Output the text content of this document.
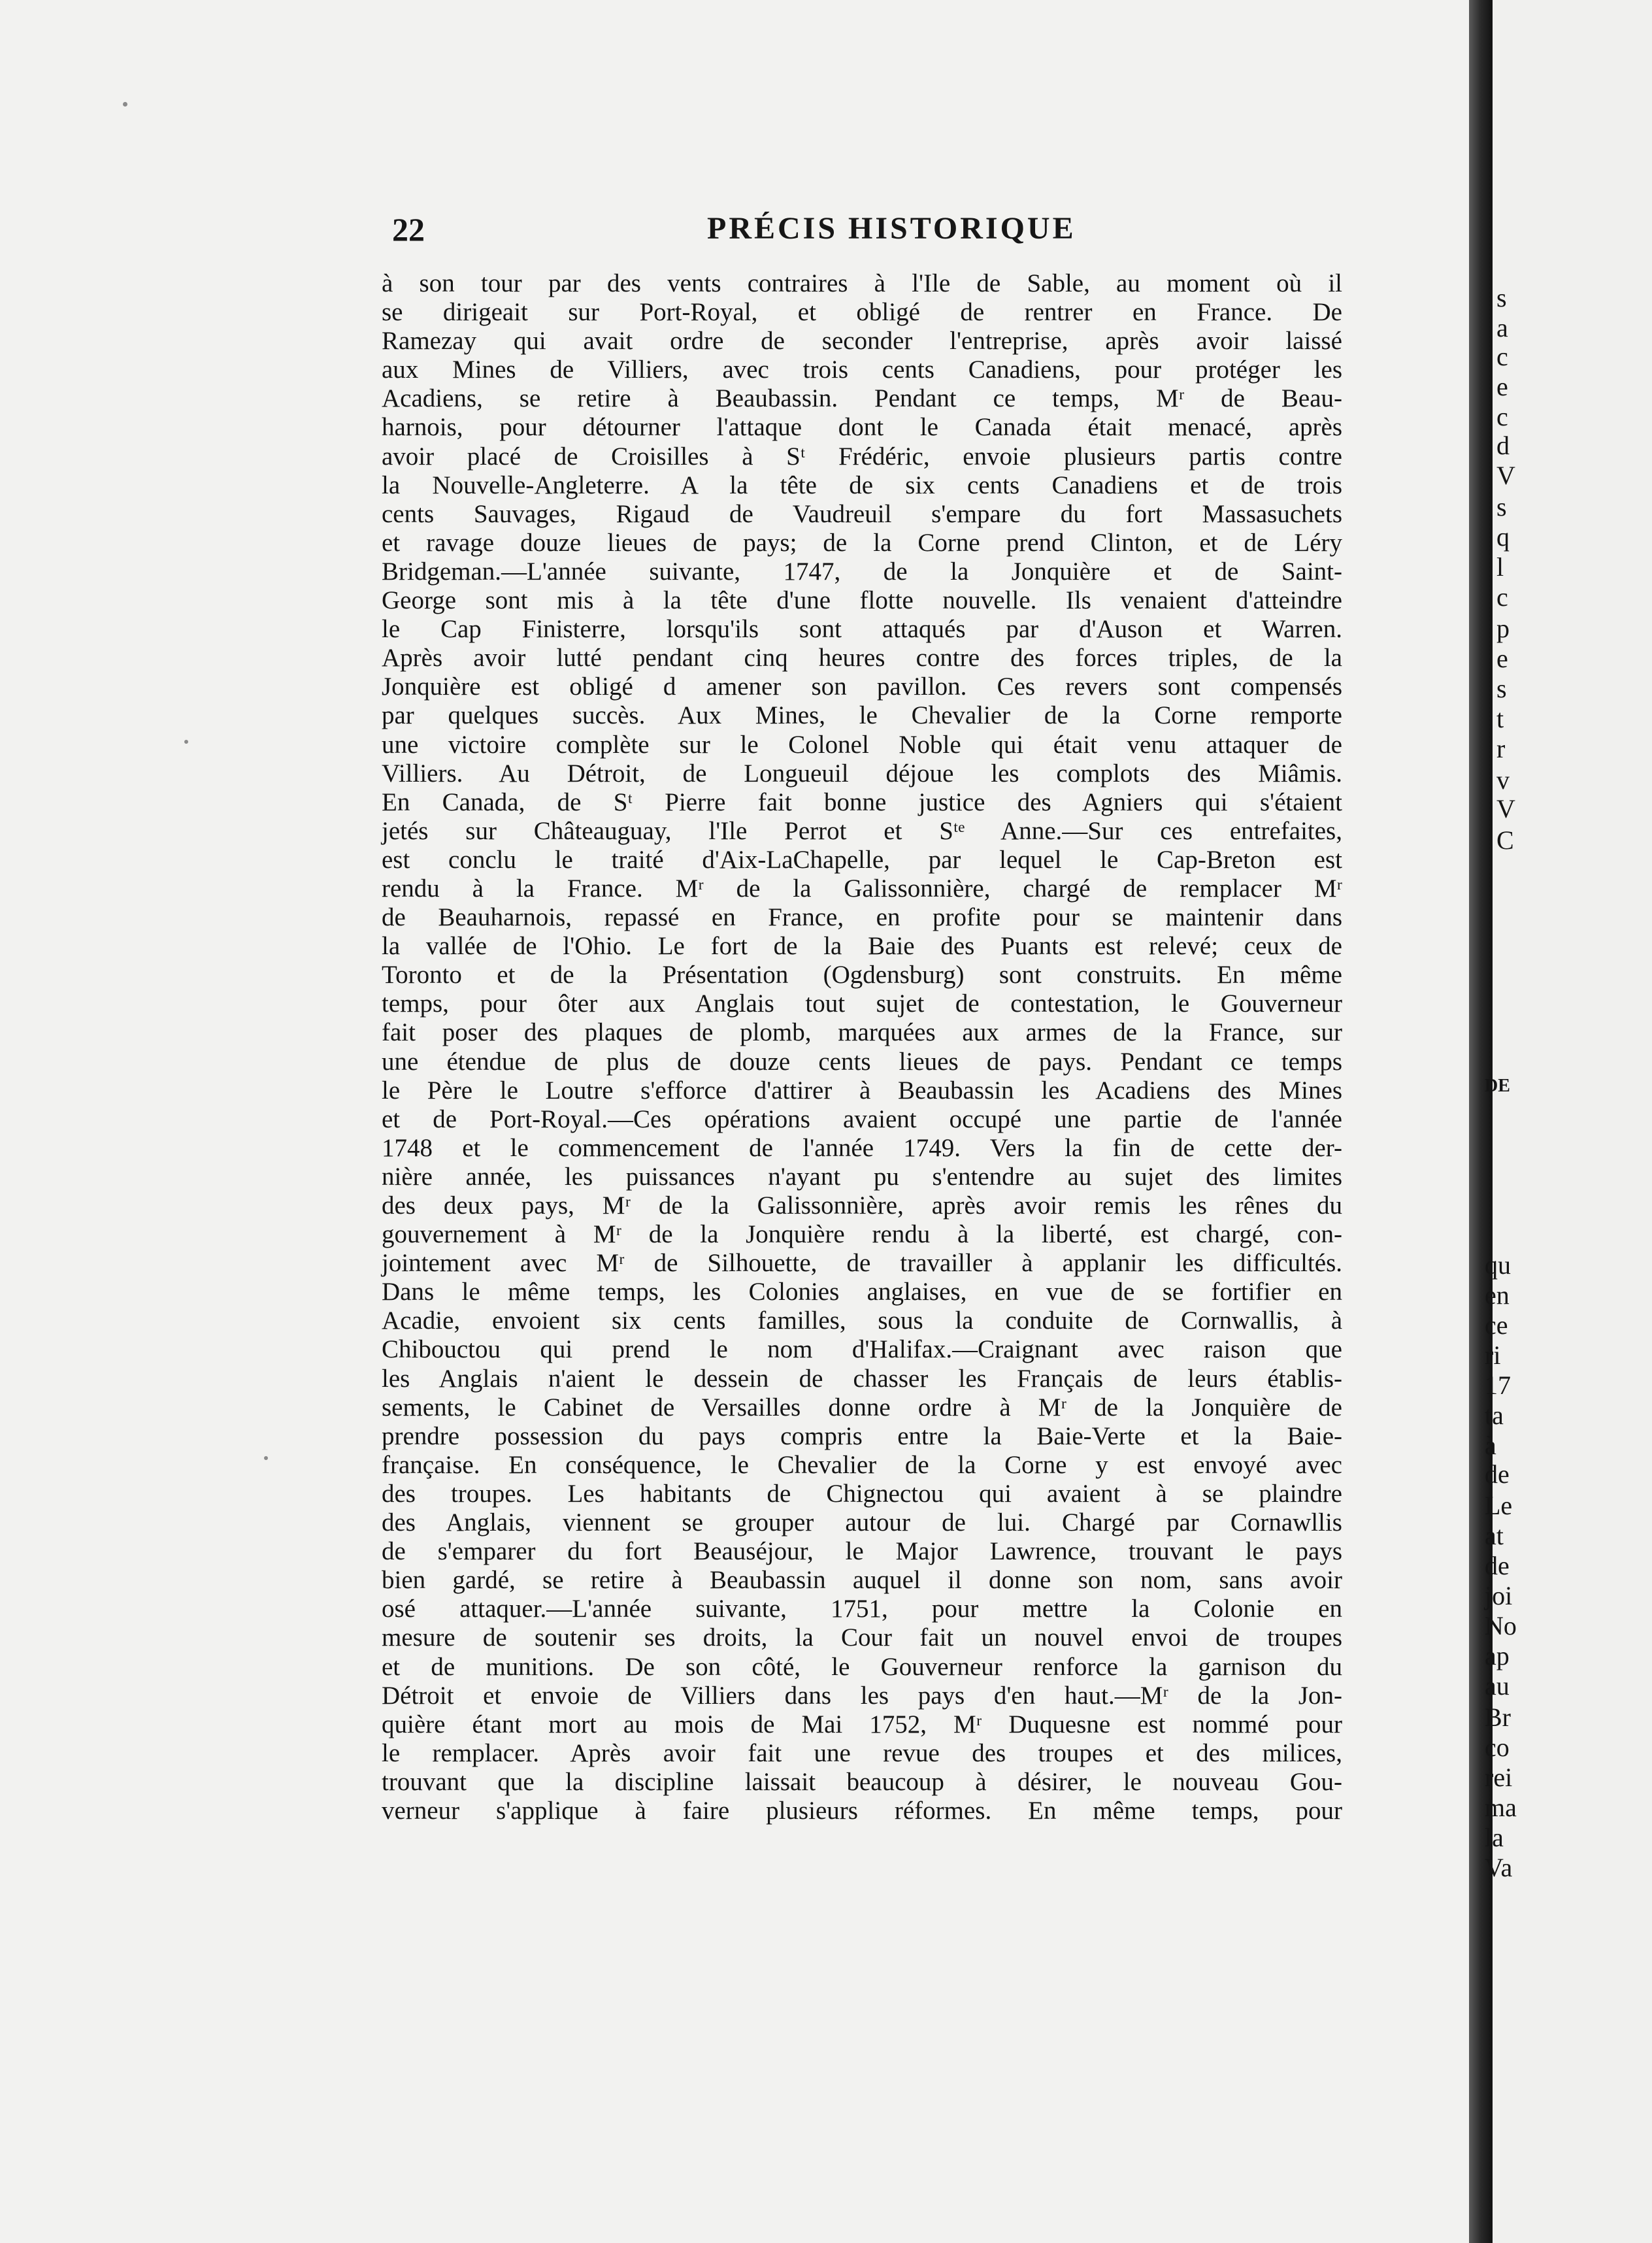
22	PRÉCIS HISTORIQUE
à son tour par des vents contraires à l'Ile de Sable, au moment où il
se dirigeait sur Port-Royal, et obligé de rentrer en France. De
Ramezay qui avait ordre de seconder l'entreprise, après avoir laissé
aux Mines de Villiers, avec trois cents Canadiens, pour protéger les
Acadiens, se retire à Beaubassin. Pendant ce temps, Mʳ de Beau-
harnois, pour détourner l'attaque dont le Canada était menacé, après
avoir placé de Croisilles à Sᵗ Frédéric, envoie plusieurs partis contre
la Nouvelle-Angleterre. A la tête de six cents Canadiens et de trois
cents Sauvages, Rigaud de Vaudreuil s'empare du fort Massasuchets
et ravage douze lieues de pays; de la Corne prend Clinton, et de Léry
Bridgeman.—L'année suivante, 1747, de la Jonquière et de Saint-
George sont mis à la tête d'une flotte nouvelle. Ils venaient d'atteindre
le Cap Finisterre, lorsqu'ils sont attaqués par d'Auson et Warren.
Après avoir lutté pendant cinq heures contre des forces triples, de la
Jonquière est obligé d amener son pavillon. Ces revers sont compensés
par quelques succès. Aux Mines, le Chevalier de la Corne remporte
une victoire complète sur le Colonel Noble qui était venu attaquer de
Villiers. Au Détroit, de Longueuil déjoue les complots des Miâmis.
En Canada, de Sᵗ Pierre fait bonne justice des Agniers qui s'étaient
jetés sur Châteauguay, l'Ile Perrot et Sᵗᵉ Anne.—Sur ces entrefaites,
est conclu le traité d'Aix-LaChapelle, par lequel le Cap-Breton est
rendu à la France. Mʳ de la Galissonnière, chargé de remplacer Mʳ
de Beauharnois, repassé en France, en profite pour se maintenir dans
la vallée de l'Ohio. Le fort de la Baie des Puants est relevé; ceux de
Toronto et de la Présentation (Ogdensburg) sont construits. En même
temps, pour ôter aux Anglais tout sujet de contestation, le Gouverneur
fait poser des plaques de plomb, marquées aux armes de la France, sur
une étendue de plus de douze cents lieues de pays. Pendant ce temps
le Père le Loutre s'efforce d'attirer à Beaubassin les Acadiens des Mines
et de Port-Royal.—Ces opérations avaient occupé une partie de l'année
1748 et le commencement de l'année 1749. Vers la fin de cette der-
nière année, les puissances n'ayant pu s'entendre au sujet des limites
des deux pays, Mʳ de la Galissonnière, après avoir remis les rênes du
gouvernement à Mʳ de la Jonquière rendu à la liberté, est chargé, con-
jointement avec Mʳ de Silhouette, de travailler à applanir les difficultés.
Dans le même temps, les Colonies anglaises, en vue de se fortifier en
Acadie, envoient six cents familles, sous la conduite de Cornwallis, à
Chibouctou qui prend le nom d'Halifax.—Craignant avec raison que
les Anglais n'aient le dessein de chasser les Français de leurs établis-
sements, le Cabinet de Versailles donne ordre à Mʳ de la Jonquière de
prendre possession du pays compris entre la Baie-Verte et la Baie-
française. En conséquence, le Chevalier de la Corne y est envoyé avec
des troupes. Les habitants de Chignectou qui avaient à se plaindre
des Anglais, viennent se grouper autour de lui. Chargé par Cornawllis
de s'emparer du fort Beauséjour, le Major Lawrence, trouvant le pays
bien gardé, se retire à Beaubassin auquel il donne son nom, sans avoir
osé attaquer.—L'année suivante, 1751, pour mettre la Colonie en
mesure de soutenir ses droits, la Cour fait un nouvel envoi de troupes
et de munitions. De son côté, le Gouverneur renforce la garnison du
Détroit et envoie de Villiers dans les pays d'en haut.—Mʳ de la Jon-
quière étant mort au mois de Mai 1752, Mʳ Duquesne est nommé pour
le remplacer. Après avoir fait une revue des troupes et des milices,
trouvant que la discipline laissait beaucoup à désirer, le nouveau Gou-
verneur s'applique à faire plusieurs réformes. En même temps, pour
s
a
c
e
c
d
V
s
q
l
c
p
e
s
t
r
v
V
C
DE
qu
en
ce
ri
17
ta
à
de
Le
at
de
joi
No
ap
au
Br
co
rei
ma
la
Va
